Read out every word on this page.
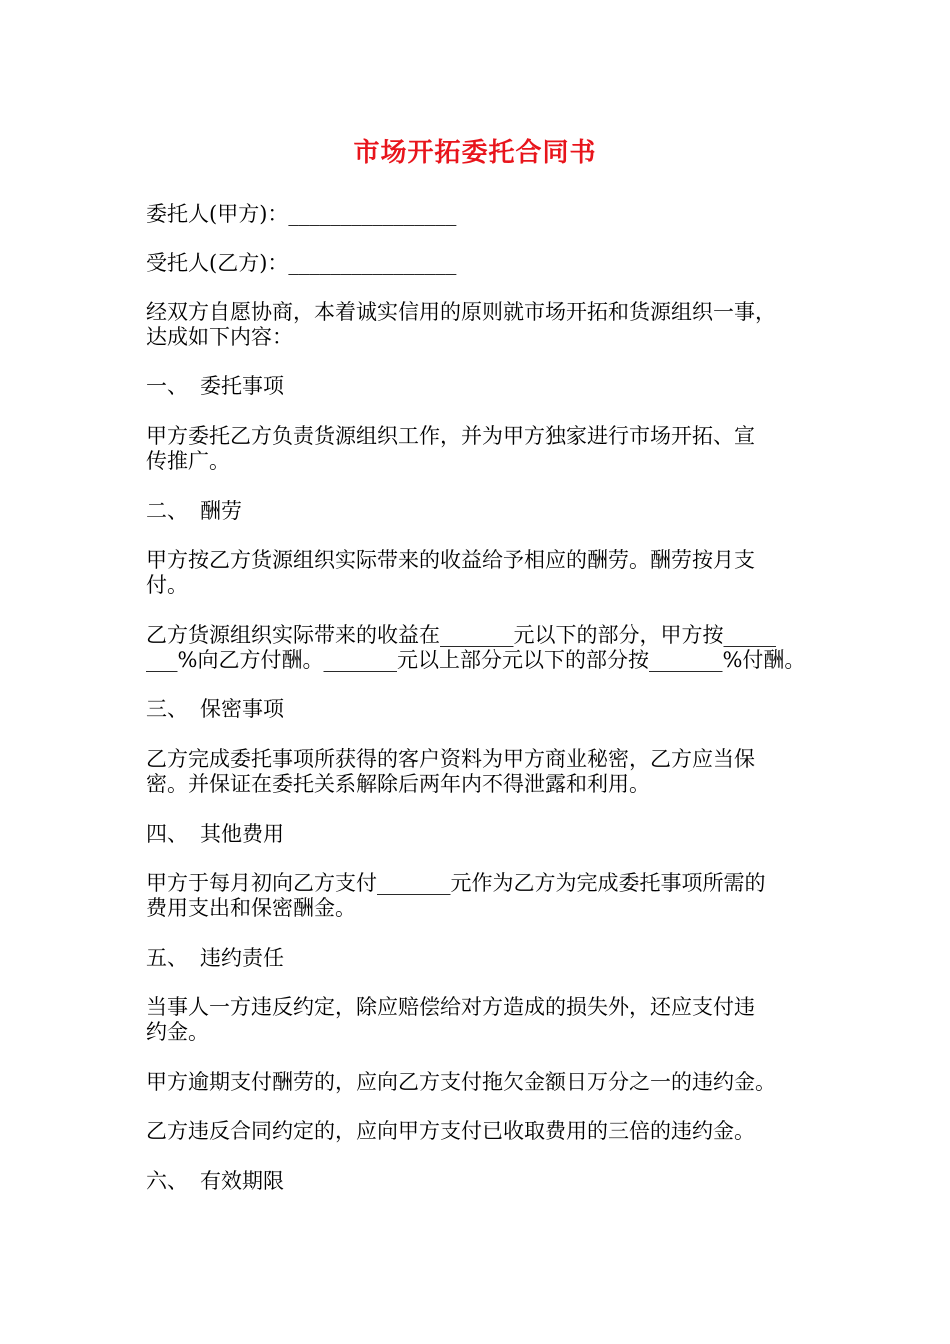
市场开拓委托合同书
委托人(甲方)：________________
受托人(乙方)：________________
经双方自愿协商，本着诚实信用的原则就市场开拓和货源组织一事，
达成如下内容：
一、 委托事项
甲方委托乙方负责货源组织工作，并为甲方独家进行市场开拓、宣
传推广。
二、 酬劳
甲方按乙方货源组织实际带来的收益给予相应的酬劳。酬劳按月支
付。
乙方货源组织实际带来的收益在_______元以下的部分，甲方按_____
___%向乙方付酬。_______元以上部分元以下的部分按_______%付酬。
三、 保密事项
乙方完成委托事项所获得的客户资料为甲方商业秘密，乙方应当保
密。并保证在委托关系解除后两年内不得泄露和利用。
四、 其他费用
甲方于每月初向乙方支付_______元作为乙方为完成委托事项所需的
费用支出和保密酬金。
五、 违约责任
当事人一方违反约定，除应赔偿给对方造成的损失外，还应支付违
约金。
甲方逾期支付酬劳的，应向乙方支付拖欠金额日万分之一的违约金。
乙方违反合同约定的，应向甲方支付已收取费用的三倍的违约金。
六、 有效期限
